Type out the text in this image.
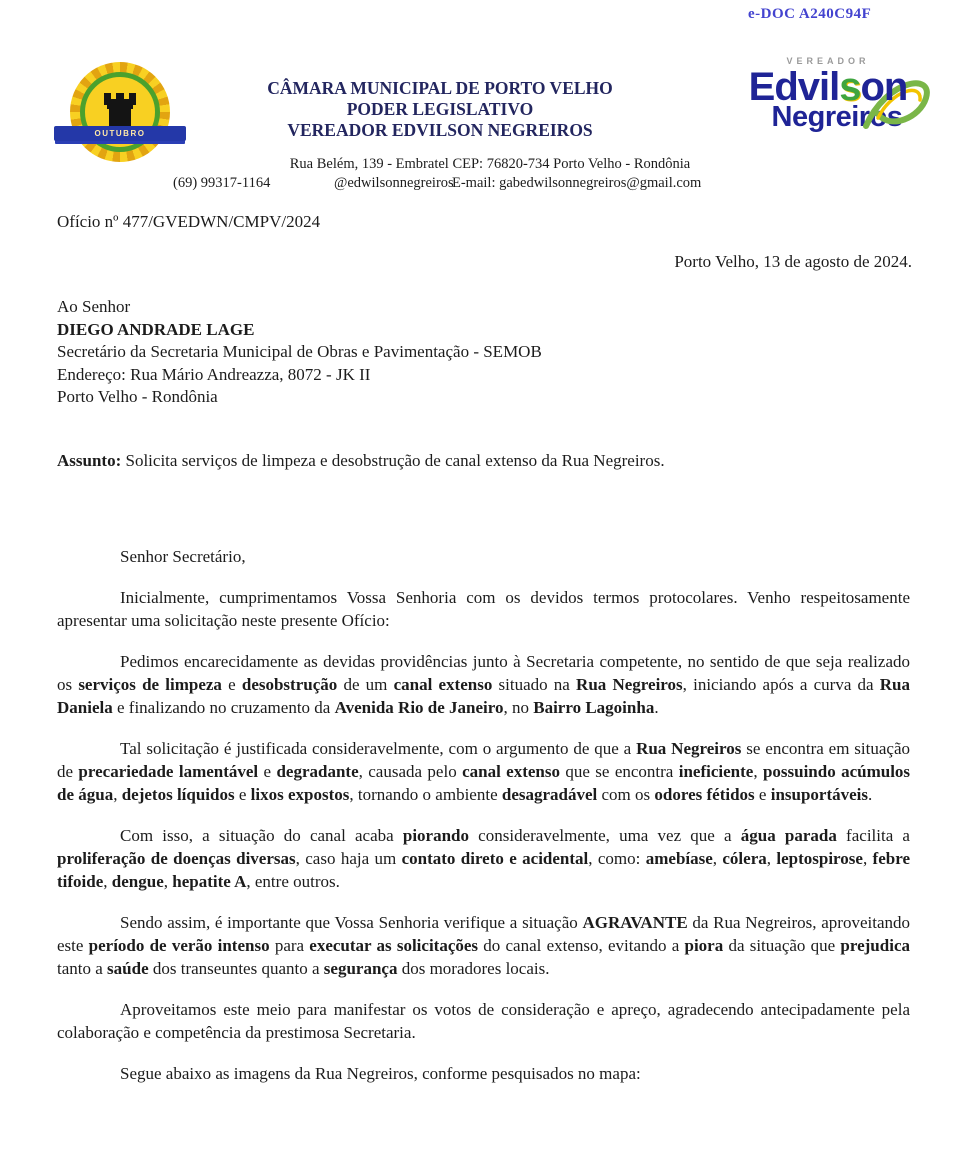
e-DOC A240C94F
OUTUBRO
CÂMARA MUNICIPAL DE PORTO VELHO
PODER LEGISLATIVO
VEREADOR EDVILSON NEGREIROS
VEREADOR
Edvilson
Negreiros
Rua Belém, 139 - Embratel CEP: 76820-734 Porto Velho - Rondônia
(69) 99317-1164	@edwilsonnegreiros
E-mail: gabedwilsonnegreiros@gmail.com
Ofício nº 477/GVEDWN/CMPV/2024
Porto Velho, 13 de agosto de 2024.
Ao Senhor
DIEGO ANDRADE LAGE
Secretário da Secretaria Municipal de Obras e Pavimentação - SEMOB
Endereço: Rua Mário Andreazza, 8072 - JK II
Porto Velho - Rondônia
Assunto: Solicita serviços de limpeza e desobstrução de canal extenso da Rua Negreiros.

Senhor Secretário,

Inicialmente, cumprimentamos Vossa Senhoria com os devidos termos protocolares. Venho respeitosamente apresentar uma solicitação neste presente Ofício:

Pedimos encarecidamente as devidas providências junto à Secretaria competente, no sentido de que seja realizado os serviços de limpeza e desobstrução de um canal extenso situado na Rua Negreiros, iniciando após a curva da Rua Daniela e finalizando no cruzamento da Avenida Rio de Janeiro, no Bairro Lagoinha.

Tal solicitação é justificada consideravelmente, com o argumento de que a Rua Negreiros se encontra em situação de precariedade lamentável e degradante, causada pelo canal extenso que se encontra ineficiente, possuindo acúmulos de água, dejetos líquidos e lixos expostos, tornando o ambiente desagradável com os odores fétidos e insuportáveis.

Com isso, a situação do canal acaba piorando consideravelmente, uma vez que a água parada facilita a proliferação de doenças diversas, caso haja um contato direto e acidental, como: amebíase, cólera, leptospirose, febre tifoide, dengue, hepatite A, entre outros.

Sendo assim, é importante que Vossa Senhoria verifique a situação AGRAVANTE da Rua Negreiros, aproveitando este período de verão intenso para executar as solicitações do canal extenso, evitando a piora da situação que prejudica tanto a saúde dos transeuntes quanto a segurança dos moradores locais.

Aproveitamos este meio para manifestar os votos de consideração e apreço, agradecendo antecipadamente pela colaboração e competência da prestimosa Secretaria.

Segue abaixo as imagens da Rua Negreiros, conforme pesquisados no mapa:
